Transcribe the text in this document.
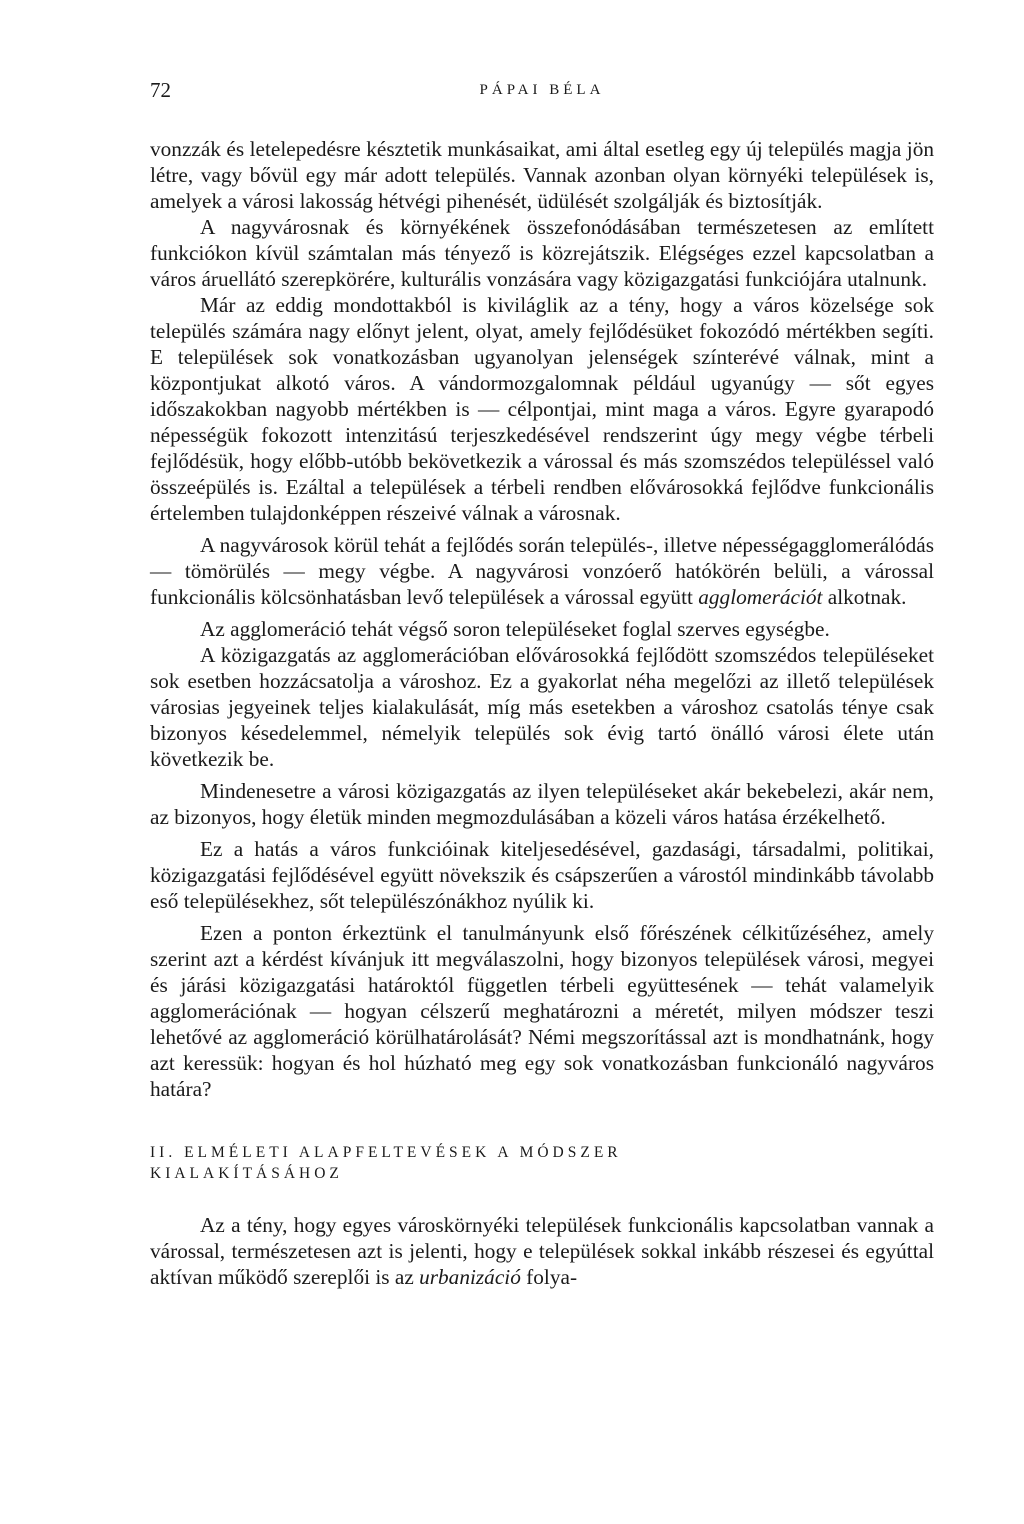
72	PÁPAI BÉLA

vonzzák és letelepedésre késztetik munkásaikat, ami által esetleg egy új település magja jön létre, vagy bővül egy már adott település. Vannak azonban olyan környéki települések is, amelyek a városi lakosság hétvégi pihenését, üdülését szolgálják és biztosítják.

A nagyvárosnak és környékének összefonódásában természetesen az említett funkciókon kívül számtalan más tényező is közrejátszik. Elégséges ezzel kapcsolatban a város áruellátó szerepkörére, kulturális vonzására vagy közigazgatási funkciójára utalnunk.

Már az eddig mondottakból is kiviláglik az a tény, hogy a város közelsége sok település számára nagy előnyt jelent, olyat, amely fejlődésüket fokozódó mértékben segíti. E települések sok vonatkozásban ugyanolyan jelenségek színterévé válnak, mint a központjukat alkotó város. A vándormozgalomnak például ugyanúgy — sőt egyes időszakokban nagyobb mértékben is — célpontjai, mint maga a város. Egyre gyarapodó népességük fokozott intenzitású terjeszkedésével rendszerint úgy megy végbe térbeli fejlődésük, hogy előbb-utóbb bekövetkezik a várossal és más szomszédos településsel való összeépülés is. Ezáltal a települések a térbeli rendben elővárosokká fejlődve funkcionális értelemben tulajdonképpen részeivé válnak a városnak.

A nagyvárosok körül tehát a fejlődés során település-, illetve népességagglomerálódás — tömörülés — megy végbe. A nagyvárosi vonzóerő hatókörén belüli, a várossal funkcionális kölcsönhatásban levő települések a várossal együtt agglomerációt alkotnak.

Az agglomeráció tehát végső soron településeket foglal szerves egységbe.

A közigazgatás az agglomerációban elővárosokká fejlődött szomszédos településeket sok esetben hozzácsatolja a városhoz. Ez a gyakorlat néha megelőzi az illető települések városias jegyeinek teljes kialakulását, míg más esetekben a városhoz csatolás ténye csak bizonyos késedelemmel, némelyik település sok évig tartó önálló városi élete után következik be.

Mindenesetre a városi közigazgatás az ilyen településeket akár bekebelezi, akár nem, az bizonyos, hogy életük minden megmozdulásában a közeli város hatása érzékelhető.

Ez a hatás a város funkcióinak kiteljesedésével, gazdasági, társadalmi, politikai, közigazgatási fejlődésével együtt növekszik és csápszerűen a várostól mindinkább távolabb eső településekhez, sőt települészónákhoz nyúlik ki.

Ezen a ponton érkeztünk el tanulmányunk első főrészének célkitűzéséhez, amely szerint azt a kérdést kívánjuk itt megválaszolni, hogy bizonyos települések városi, megyei és járási közigazgatási határoktól független térbeli együttesének — tehát valamelyik agglomerációnak — hogyan célszerű meghatározni a méretét, milyen módszer teszi lehetővé az agglomeráció körülhatárolását? Némi megszorítással azt is mondhatnánk, hogy azt keressük: hogyan és hol húzható meg egy sok vonatkozásban funkcionáló nagyváros határa?

II. ELMÉLETI ALAPFELTEVÉSEK A MÓDSZER
KIALAKÍTÁSÁHOZ

Az a tény, hogy egyes városkörnyéki települések funkcionális kapcsolatban vannak a várossal, természetesen azt is jelenti, hogy e települések sokkal inkább részesei és egyúttal aktívan működő szereplői is az urbanizáció folya-
